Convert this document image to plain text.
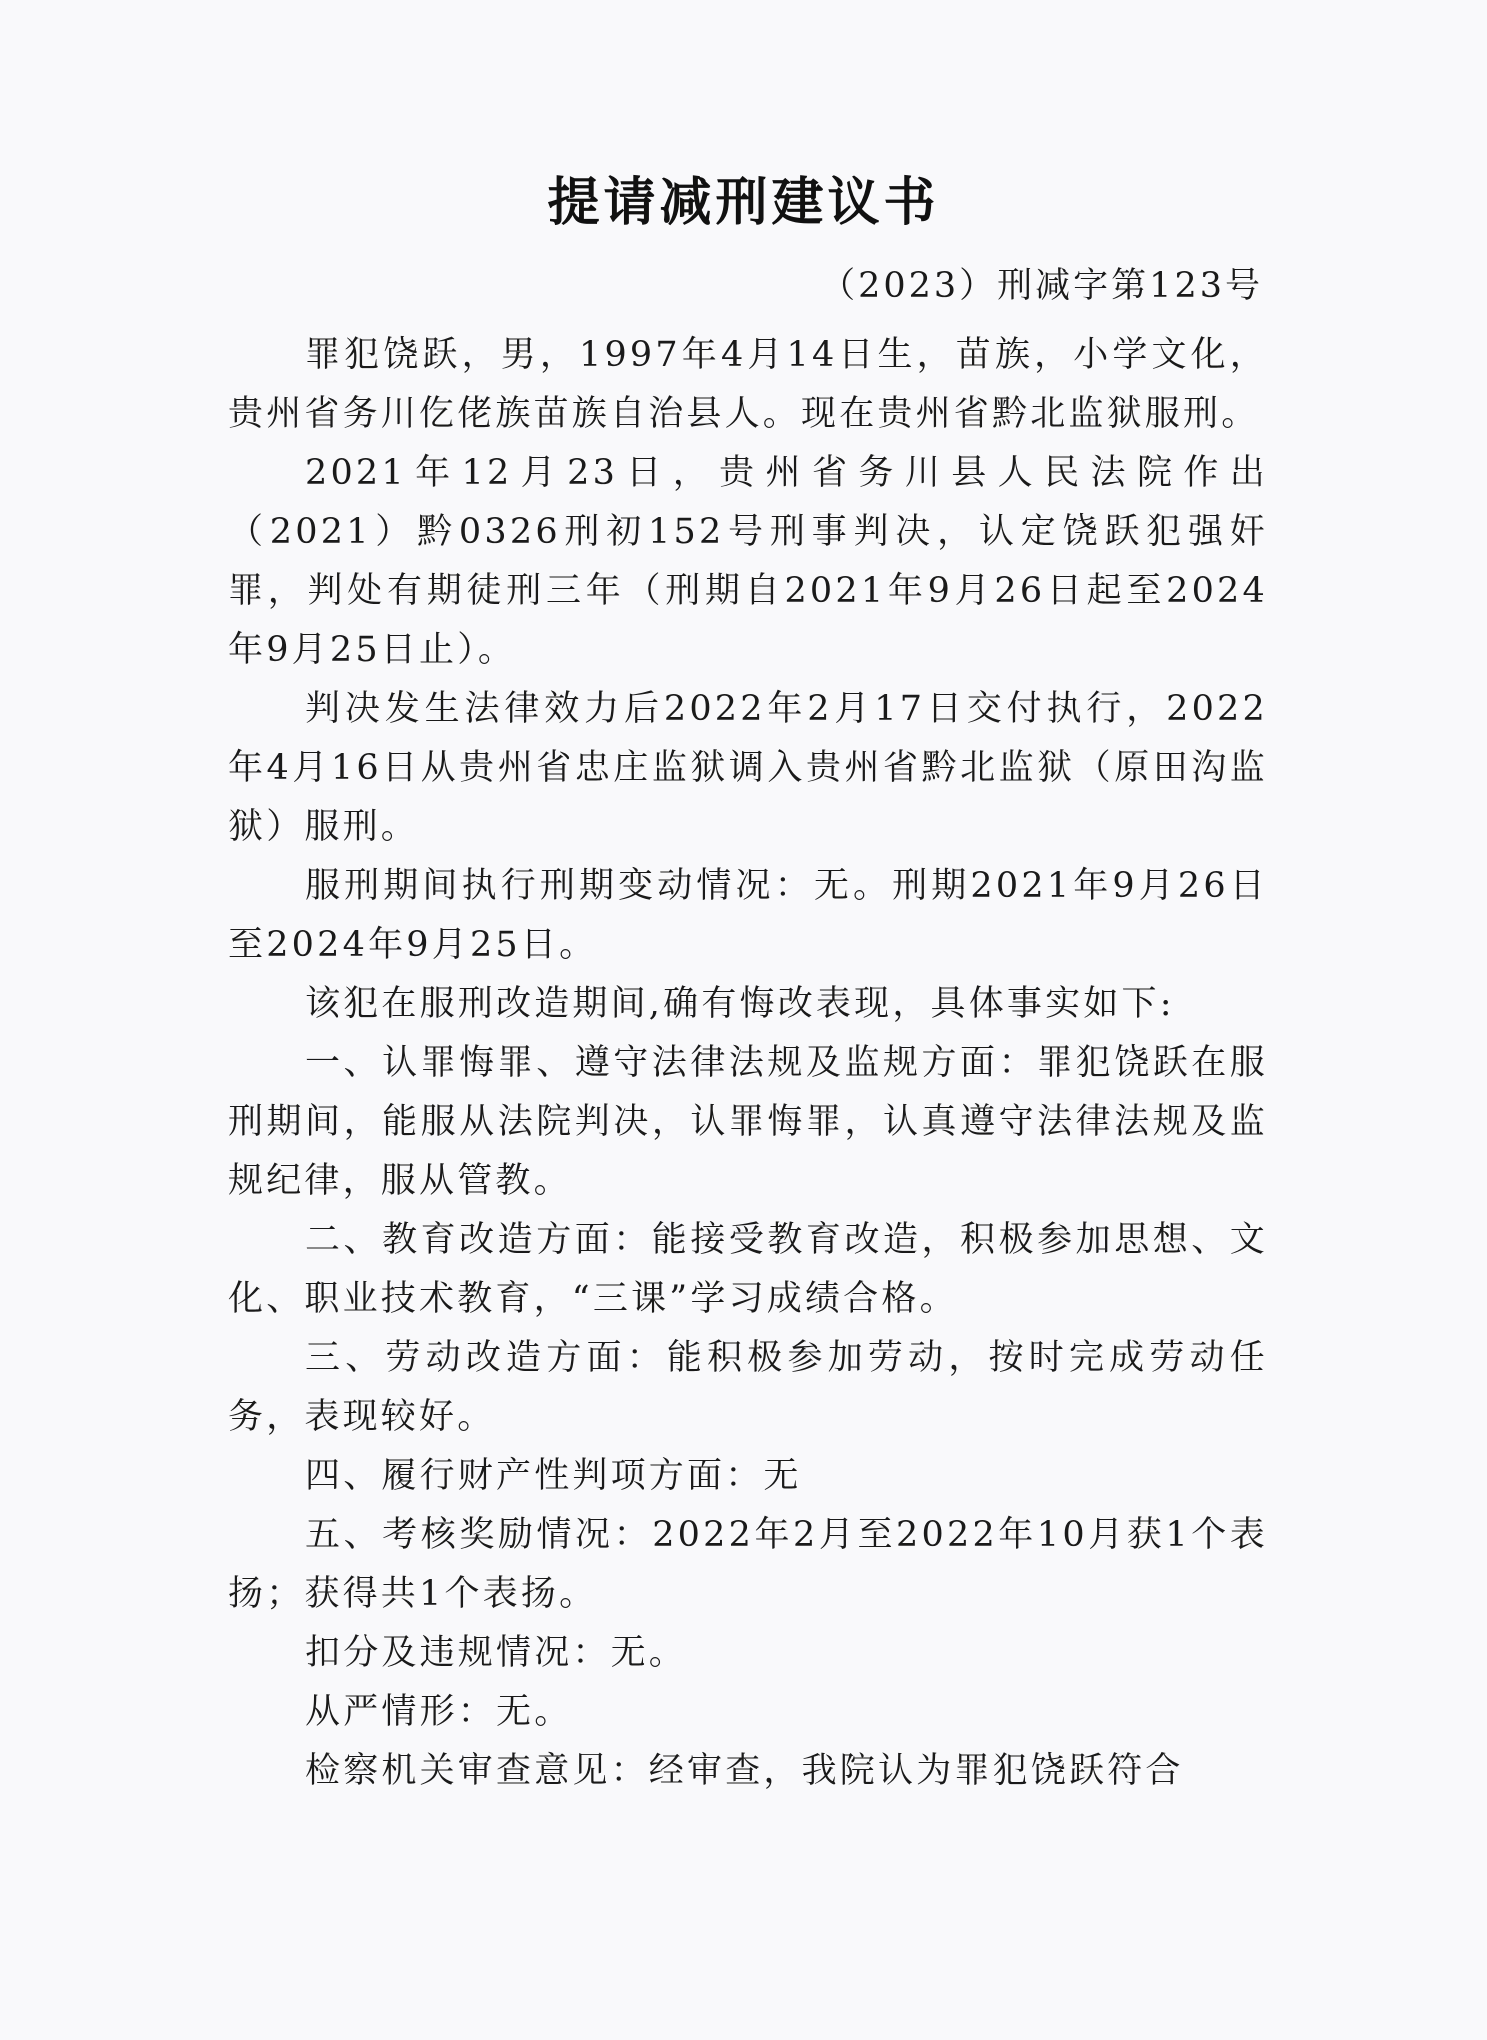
提请减刑建议书
（2023）刑减字第123号

罪犯饶跃，男，1997年4月14日生，苗族，小学文化，贵州省务川仡佬族苗族自治县人。现在贵州省黔北监狱服刑。

2021年12月23日，贵州省务川县人民法院作出（2021）黔0326刑初152号刑事判决，认定饶跃犯强奸罪，判处有期徒刑三年（刑期自2021年9月26日起至2024年9月25日止）。

判决发生法律效力后2022年2月17日交付执行，2022年4月16日从贵州省忠庄监狱调入贵州省黔北监狱（原田沟监狱）服刑。

服刑期间执行刑期变动情况：无。刑期2021年9月26日至2024年9月25日。

该犯在服刑改造期间,确有悔改表现，具体事实如下:

一、认罪悔罪、遵守法律法规及监规方面：罪犯饶跃在服刑期间，能服从法院判决，认罪悔罪，认真遵守法律法规及监规纪律，服从管教。

二、教育改造方面：能接受教育改造，积极参加思想、文化、职业技术教育，“三课”学习成绩合格。

三、劳动改造方面：能积极参加劳动，按时完成劳动任务，表现较好。

四、履行财产性判项方面：无

五、考核奖励情况：2022年2月至2022年10月获1个表扬；获得共1个表扬。

扣分及违规情况：无。

从严情形：无。

检察机关审查意见：经审查，我院认为罪犯饶跃符合
